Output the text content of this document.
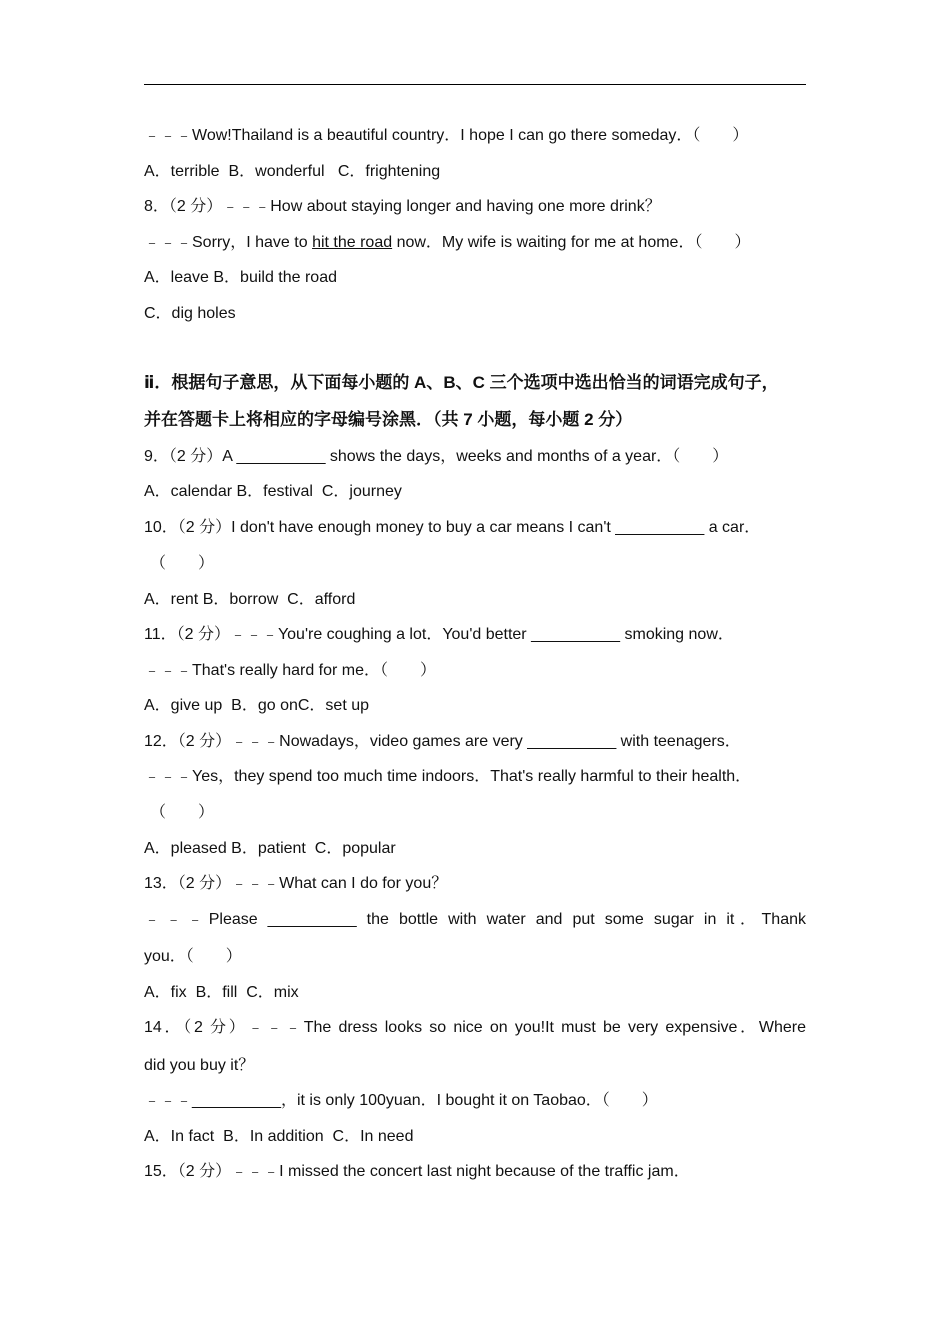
﹣﹣﹣Wow!Thailand is a beautiful country．I hope I can go there someday．（　　）
A．terrible  B．wonderful   C．frightening
8．（2 分）﹣﹣﹣How about staying longer and having one more drink？
﹣﹣﹣Sorry，I have to hit the road now．My wife is waiting for me at home．（　　）
A．leave B．build the road
C．dig holes
ⅱ．根据句子意思，从下面每小题的 A、B、C 三个选项中选出恰当的词语完成句子，
并在答题卡上将相应的字母编号涂黑．（共 7 小题，每小题 2 分）
9．（2 分）A __________ shows the days，weeks and months of a year．（　　）
A．calendar B．festival  C．journey
10．（2 分）I don't have enough money to buy a car means I can't __________ a car．
（　　）
A．rent B．borrow  C．afford
11．（2 分）﹣﹣﹣You're coughing a lot．You'd better __________ smoking now．
﹣﹣﹣That's really hard for me．（　　）
A．give up  B．go onC．set up
12．（2 分）﹣﹣﹣Nowadays，video games are very __________ with teenagers．
﹣﹣﹣Yes，they spend too much time indoors．That's really harmful to their health．
（　　）
A．pleased B．patient  C．popular
13．（2 分）﹣﹣﹣What can I do for you？
﹣﹣﹣Please __________ the bottle with water and put some sugar in it．Thank
you．（　　）
A．fix  B．fill  C．mix
14．（2 分）﹣﹣﹣The dress looks so nice on you!It must be very expensive．Where
did you buy it？
﹣﹣﹣__________，it is only 100yuan．I bought it on Taobao．（　　）
A．In fact  B．In addition  C．In need
15．（2 分）﹣﹣﹣I missed the concert last night because of the traffic jam．
